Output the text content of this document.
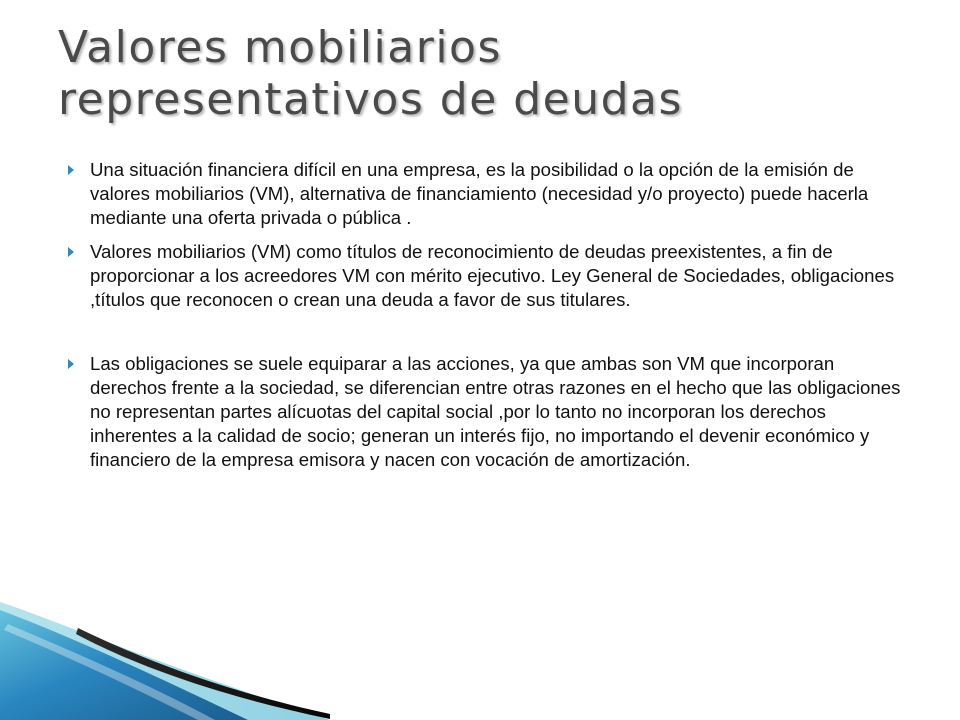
Valores mobiliarios
representativos de deudas
Una situación financiera difícil en una empresa, es la posibilidad o la opción de la emisión de valores mobiliarios (VM), alternativa de financiamiento (necesidad y/o proyecto) puede hacerla mediante una oferta privada o pública .
Valores mobiliarios (VM) como títulos de reconocimiento de deudas preexistentes, a fin de proporcionar a los acreedores VM con mérito ejecutivo. Ley General de Sociedades, obligaciones ,títulos que reconocen o crean una deuda a favor de sus titulares.
Las obligaciones se suele equiparar a las acciones, ya que ambas son VM que incorporan derechos frente a la sociedad, se diferencian entre otras razones en el hecho que las obligaciones no representan partes alícuotas del capital social ,por lo tanto no incorporan los derechos inherentes a la calidad de socio; generan un interés fijo, no importando el devenir económico y financiero de la empresa emisora y nacen con vocación de amortización.
